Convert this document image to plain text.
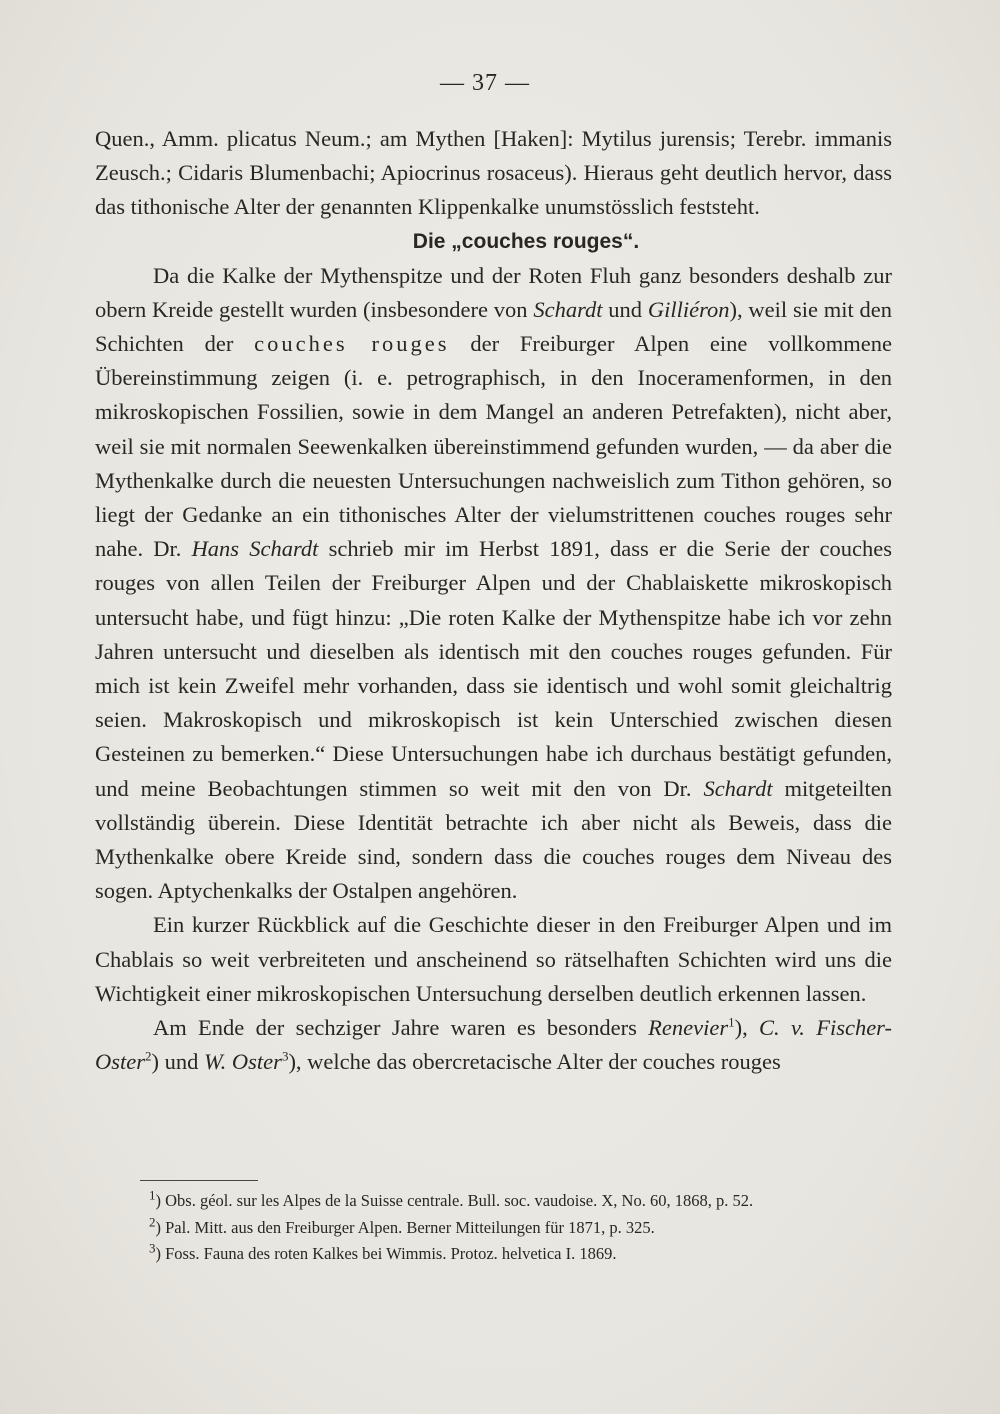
— 37 —

Quen., Amm. plicatus Neum.; am Mythen [Haken]: Mytilus jurensis; Terebr. immanis Zeusch.; Cidaris Blumenbachi; Apiocrinus rosaceus). Hieraus geht deutlich hervor, dass das tithonische Alter der genannten Klippenkalke unumstösslich feststeht.

Die „couches rouges“.

Da die Kalke der Mythenspitze und der Roten Fluh ganz besonders deshalb zur obern Kreide gestellt wurden (insbesondere von Schardt und Gilliéron), weil sie mit den Schichten der couches rouges der Freiburger Alpen eine vollkommene Übereinstimmung zeigen (i. e. petrographisch, in den Inoceramenformen, in den mikroskopischen Fossilien, sowie in dem Mangel an anderen Petrefakten), nicht aber, weil sie mit normalen Seewenkalken übereinstimmend gefunden wurden, — da aber die Mythenkalke durch die neuesten Untersuchungen nachweislich zum Tithon gehören, so liegt der Gedanke an ein tithonisches Alter der vielumstrittenen couches rouges sehr nahe. Dr. Hans Schardt schrieb mir im Herbst 1891, dass er die Serie der couches rouges von allen Teilen der Freiburger Alpen und der Chablaiskette mikroskopisch untersucht habe, und fügt hinzu: „Die roten Kalke der Mythenspitze habe ich vor zehn Jahren untersucht und dieselben als identisch mit den couches rouges gefunden. Für mich ist kein Zweifel mehr vorhanden, dass sie identisch und wohl somit gleichaltrig seien. Makroskopisch und mikroskopisch ist kein Unterschied zwischen diesen Gesteinen zu bemerken.“ Diese Untersuchungen habe ich durchaus bestätigt gefunden, und meine Beobachtungen stimmen so weit mit den von Dr. Schardt mitgeteilten vollständig überein. Diese Identität betrachte ich aber nicht als Beweis, dass die Mythenkalke obere Kreide sind, sondern dass die couches rouges dem Niveau des sogen. Aptychenkalks der Ostalpen angehören.

Ein kurzer Rückblick auf die Geschichte dieser in den Freiburger Alpen und im Chablais so weit verbreiteten und anscheinend so rätselhaften Schichten wird uns die Wichtigkeit einer mikroskopischen Untersuchung derselben deutlich erkennen lassen.

Am Ende der sechziger Jahre waren es besonders Renevier$^1$), C. v. Fischer-Oster$^2$) und W. Oster$^3$), welche das obercretacische Alter der couches rouges

$^1$) Obs. géol. sur les Alpes de la Suisse centrale. Bull. soc. vaudoise. X, No. 60, 1868, p. 52.

$^2$) Pal. Mitt. aus den Freiburger Alpen. Berner Mitteilungen für 1871, p. 325.

$^3$) Foss. Fauna des roten Kalkes bei Wimmis. Protoz. helvetica I. 1869.
